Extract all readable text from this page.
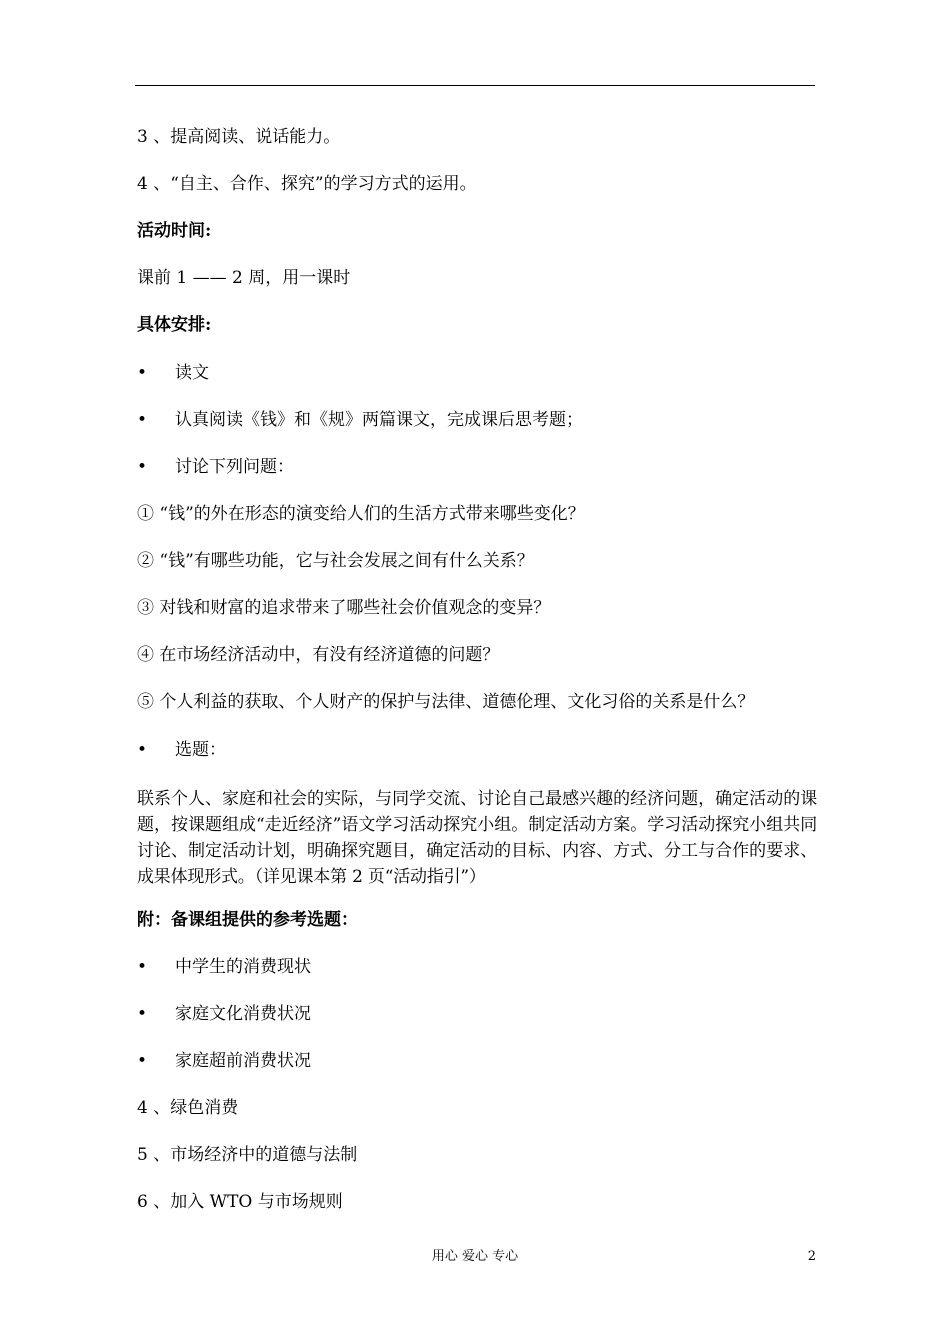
3 、提高阅读、说话能力。
4 、“自主、合作、探究”的学习方式的运用。
活动时间:
课前 1 —— 2 周，用一课时
具体安排:
•	读文
•	认真阅读《钱》和《规》两篇课文，完成课后思考题；
•	讨论下列问题：
① “钱”的外在形态的演变给人们的生活方式带来哪些变化？
② “钱”有哪些功能，它与社会发展之间有什么关系？
③ 对钱和财富的追求带来了哪些社会价值观念的变异？
④ 在市场经济活动中，有没有经济道德的问题？
⑤ 个人利益的获取、个人财产的保护与法律、道德伦理、文化习俗的关系是什么？
•	选题：
联系个人、家庭和社会的实际，与同学交流、讨论自己最感兴趣的经济问题，确定活动的课题，按课题组成“走近经济”语文学习活动探究小组。制定活动方案。学习活动探究小组共同讨论、制定活动计划，明确探究题目，确定活动的目标、内容、方式、分工与合作的要求、成果体现形式。（详见课本第 2 页“活动指引”）
附：备课组提供的参考选题：
•	中学生的消费现状
•	家庭文化消费状况
•	家庭超前消费状况
4 、绿色消费
5 、市场经济中的道德与法制
6 、加入 WTO 与市场规则
用心 爱心 专心	2
